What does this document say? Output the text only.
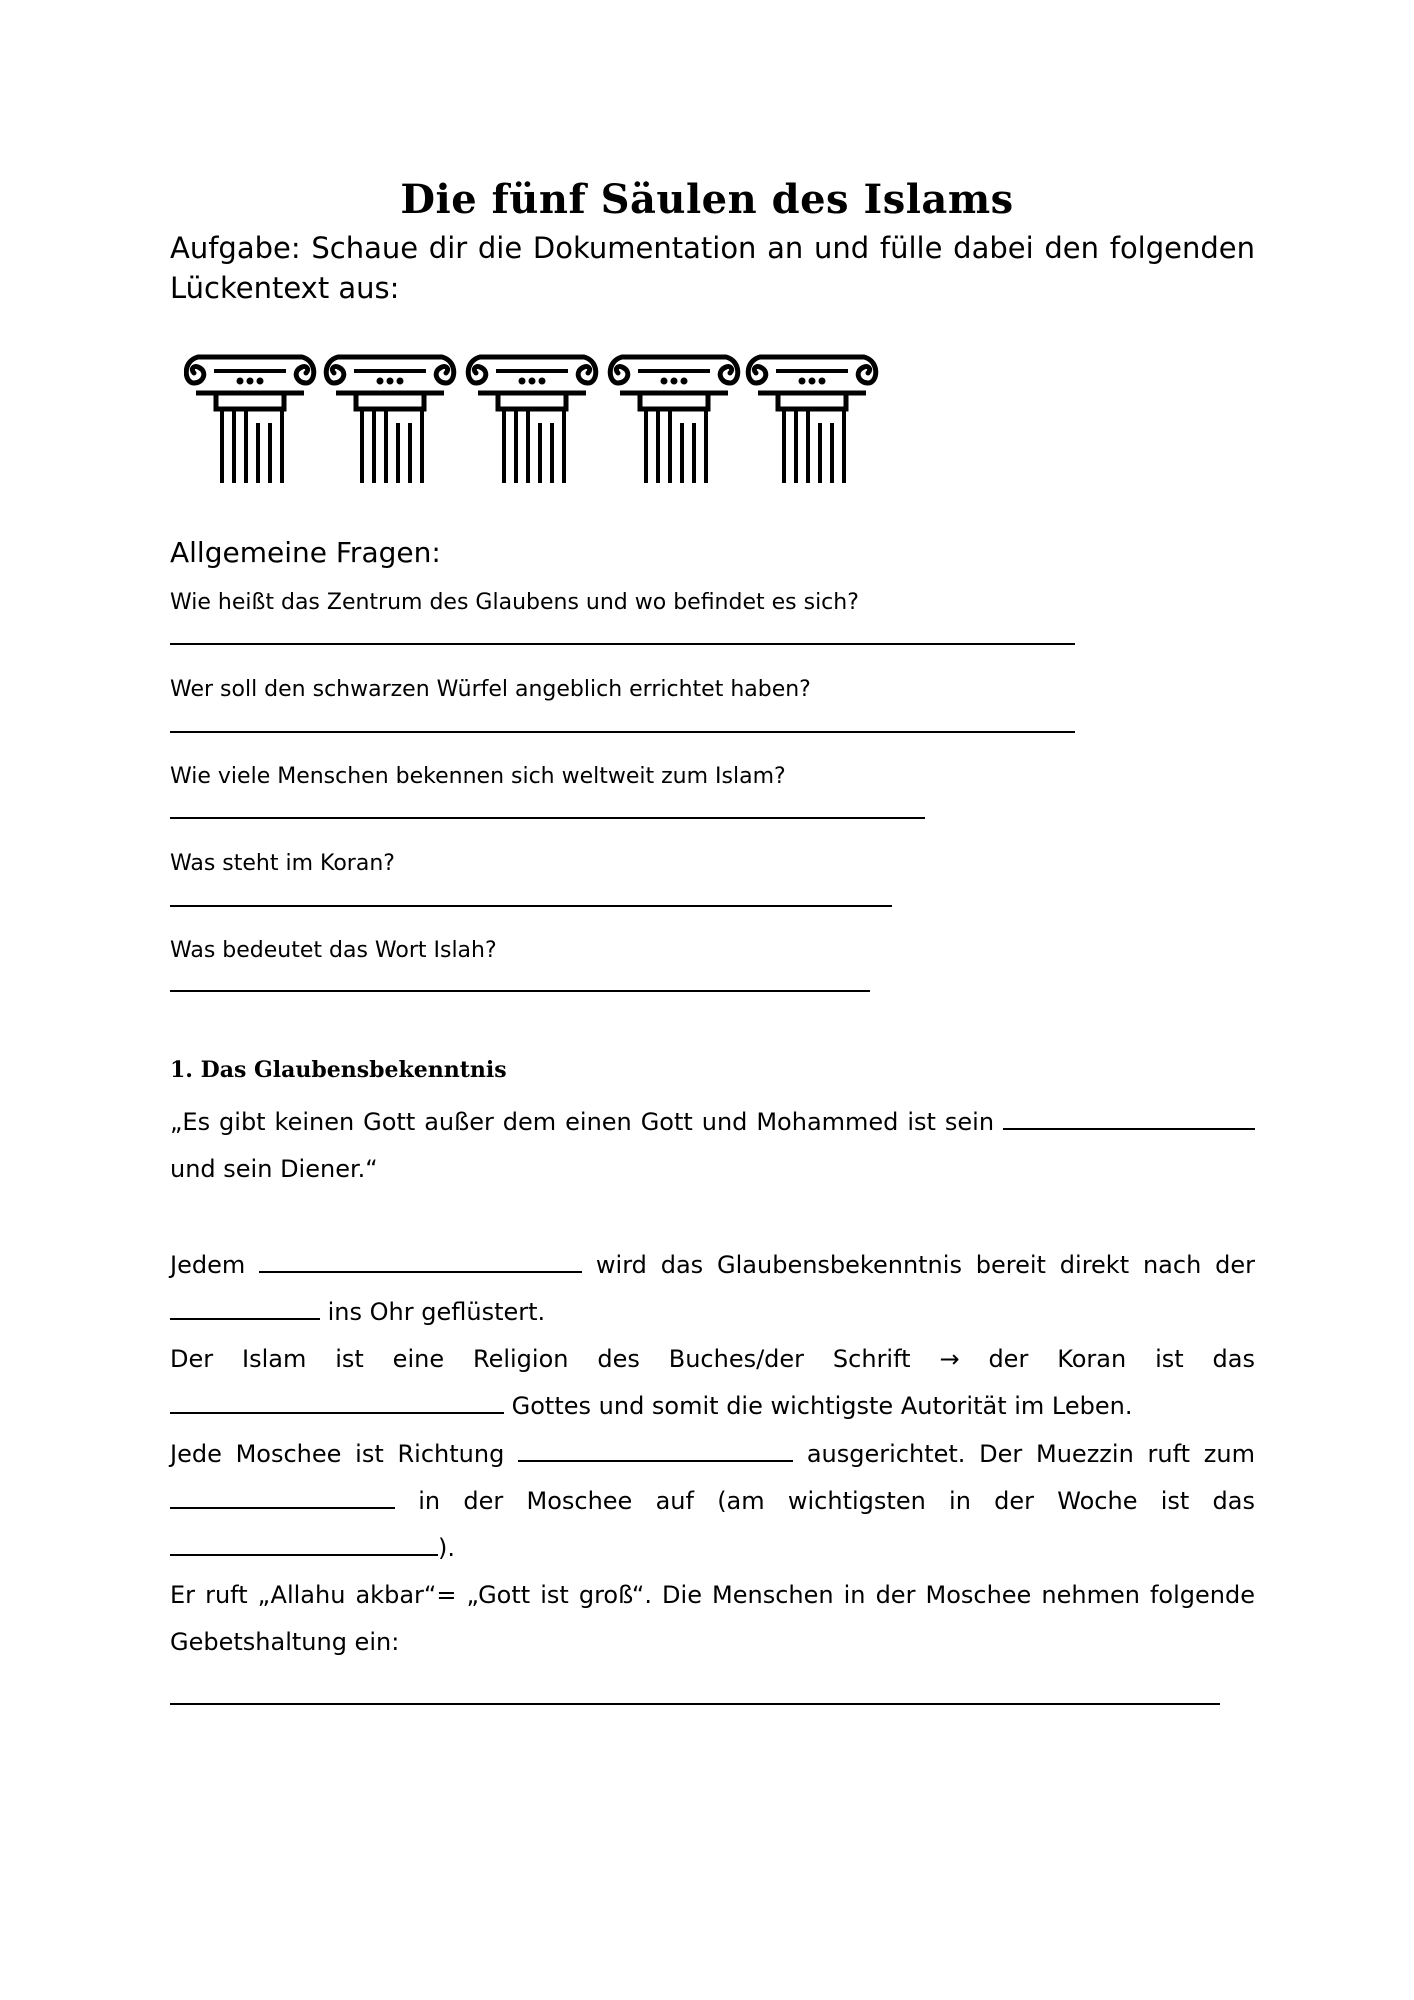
Die fünf Säulen des Islams
Aufgabe: Schaue dir die Dokumentation an und fülle dabei den folgenden Lückentext aus:
Allgemeine Fragen:
Wie heißt das Zentrum des Glaubens und wo befindet es sich?
Wer soll den schwarzen Würfel angeblich errichtet haben?
Wie viele Menschen bekennen sich weltweit zum Islam?
Was steht im Koran?
Was bedeutet das Wort Islah?
1. Das Glaubensbekenntnis
„Es gibt keinen Gott außer dem einen Gott und Mohammed ist sein
und sein Diener.“
Jedem	wird das Glaubensbekenntnis bereit direkt nach der
ins Ohr geflüstert.
Der Islam ist eine Religion des Buches/der Schrift → der Koran ist das
Gottes und somit die wichtigste Autorität im Leben.
Jede Moschee ist Richtung	ausgerichtet. Der Muezzin ruft zum
in der Moschee auf (am wichtigsten in der Woche ist das
).
Er ruft „Allahu akbar“= „Gott ist groß“. Die Menschen in der Moschee nehmen folgende
Gebetshaltung ein:
